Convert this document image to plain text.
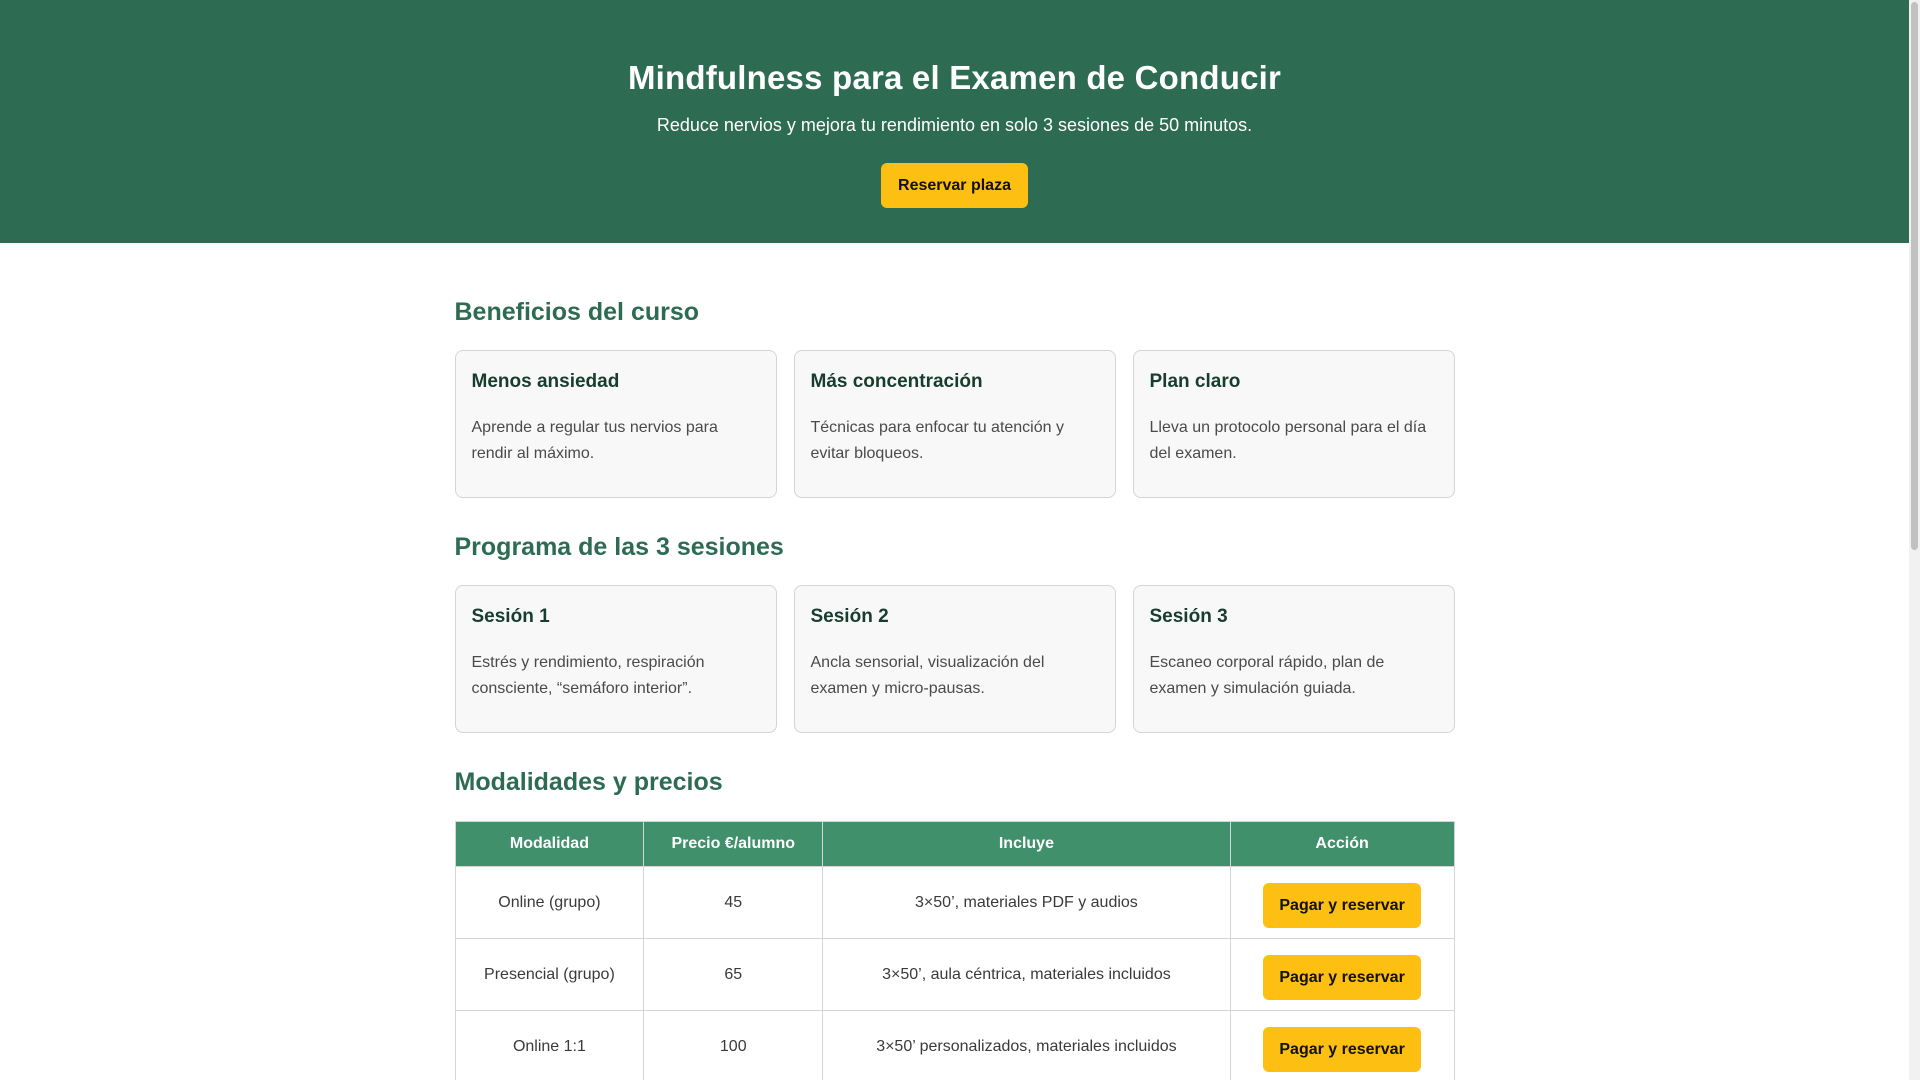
Mindfulness para el Examen de Conducir

Reduce nervios y mejora tu rendimiento en solo 3 sesiones de 50 minutos.

Reservar plaza
Beneficios del curso
Menos ansiedad

Aprende a regular tus nervios para rendir al máximo.

Más concentración

Técnicas para enfocar tu atención y evitar bloqueos.

Plan claro

Lleva un protocolo personal para el día del examen.

Programa de las 3 sesiones
Sesión 1

Estrés y rendimiento, respiración consciente, “semáforo interior”.

Sesión 2

Ancla sensorial, visualización del examen y micro-pausas.

Sesión 3

Escaneo corporal rápido, plan de examen y simulación guiada.

Modalidades y precios
Modalidad	Precio €/alumno	Incluye	Acción
Online (grupo)	45	3×50’, materiales PDF y audios	Pagar y reservar
Presencial (grupo)	65	3×50’, aula céntrica, materiales incluidos	Pagar y reservar
Online 1:1	100	3×50’ personalizados, materiales incluidos	Pagar y reservar
